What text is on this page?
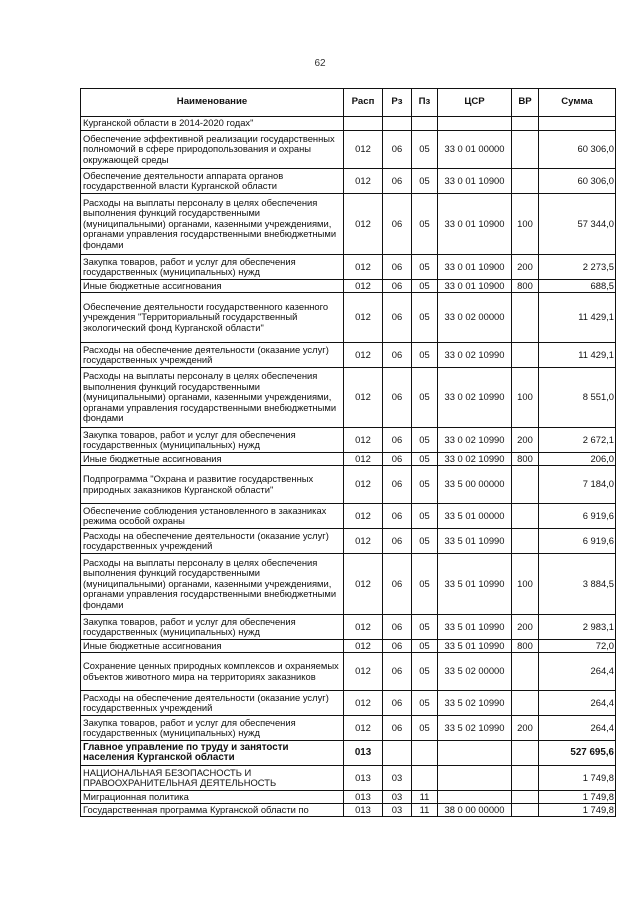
62
Наименование	Расп	Рз	Пз	ЦСР	ВР	Сумма
Курганской области в 2014-2020 годах"						
Обеспечение эффективной реализации государственных полномочий в сфере природопользования и охраны окружающей среды	012	06	05	33 0 01 00000		60 306,0
Обеспечение деятельности аппарата органов государственной власти Курганской области	012	06	05	33 0 01 10900		60 306,0
Расходы на выплаты персоналу в целях обеспечения выполнения функций государственными (муниципальными) органами, казенными учреждениями, органами управления государственными внебюджетными фондами	012	06	05	33 0 01 10900	100	57 344,0
Закупка товаров, работ и услуг для обеспечения государственных (муниципальных) нужд	012	06	05	33 0 01 10900	200	2 273,5
Иные бюджетные ассигнования	012	06	05	33 0 01 10900	800	688,5
Обеспечение деятельности государственного казенного учреждения "Территориальный государственный экологический фонд Курганской области"	012	06	05	33 0 02 00000		11 429,1
Расходы на обеспечение деятельности (оказание услуг) государственных учреждений	012	06	05	33 0 02 10990		11 429,1
Расходы на выплаты персоналу в целях обеспечения выполнения функций государственными (муниципальными) органами, казенными учреждениями, органами управления государственными внебюджетными фондами	012	06	05	33 0 02 10990	100	8 551,0
Закупка товаров, работ и услуг для обеспечения государственных (муниципальных) нужд	012	06	05	33 0 02 10990	200	2 672,1
Иные бюджетные ассигнования	012	06	05	33 0 02 10990	800	206,0
Подпрограмма "Охрана и развитие государственных природных заказников Курганской области"	012	06	05	33 5 00 00000		7 184,0
Обеспечение соблюдения установленного в заказниках режима особой охраны	012	06	05	33 5 01 00000		6 919,6
Расходы на обеспечение деятельности (оказание услуг) государственных учреждений	012	06	05	33 5 01 10990		6 919,6
Расходы на выплаты персоналу в целях обеспечения выполнения функций государственными (муниципальными) органами, казенными учреждениями, органами управления государственными внебюджетными фондами	012	06	05	33 5 01 10990	100	3 884,5
Закупка товаров, работ и услуг для обеспечения государственных (муниципальных) нужд	012	06	05	33 5 01 10990	200	2 983,1
Иные бюджетные ассигнования	012	06	05	33 5 01 10990	800	72,0
Сохранение ценных природных комплексов и охраняемых объектов животного мира на территориях заказников	012	06	05	33 5 02 00000		264,4
Расходы на обеспечение деятельности (оказание услуг) государственных учреждений	012	06	05	33 5 02 10990		264,4
Закупка товаров, работ и услуг для обеспечения государственных (муниципальных) нужд	012	06	05	33 5 02 10990	200	264,4
Главное управление по труду и занятости населения Курганской области	013					527 695,6
НАЦИОНАЛЬНАЯ БЕЗОПАСНОСТЬ И ПРАВООХРАНИТЕЛЬНАЯ ДЕЯТЕЛЬНОСТЬ	013	03				1 749,8
Миграционная политика	013	03	11			1 749,8
Государственная программа Курганской области по	013	03	11	38 0 00 00000		1 749,8
